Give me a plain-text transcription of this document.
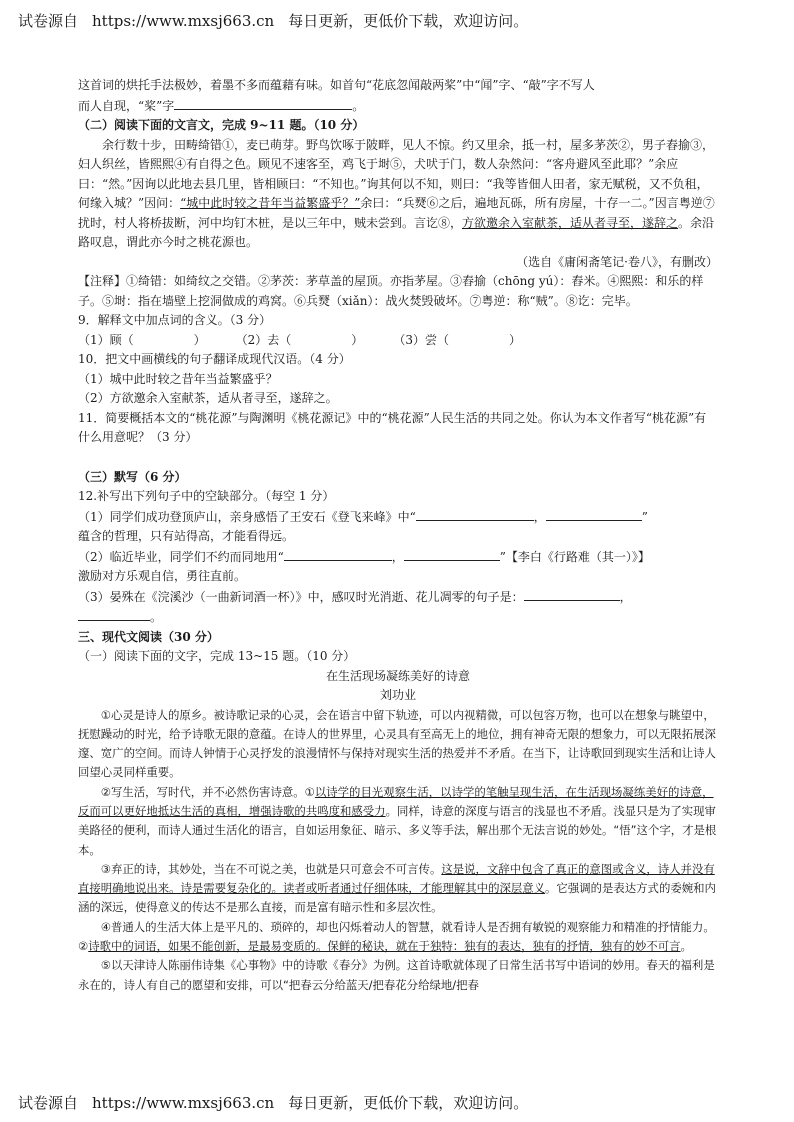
试卷源自 https://www.mxsj663.cn 每日更新，更低价下载，欢迎访问。

这首词的烘托手法极妙，着墨不多而蕴藉有味。如首句“花底忽闻敲两桨”中“闻”字、“敲”字不写人

而人自现，“桨”字	。

（二）阅读下面的文言文，完成 9~11 题。（10 分）

余行数十步，田畴绮错①，麦已萌芽。野鸟饮啄于陂畔，见人不惊。约又里余，抵一村，屋多茅茨②，男子舂揄③，妇人织丝，皆熙熙④有自得之色。顾见不速客至，鸡飞于埘⑤，犬吠于门，数人杂然问：“客舟避风至此耶？”余应曰：“然。”因询以此地去县几里，皆相顾曰：“不知也。”询其何以不知，则曰：“我等皆佃人田者，家无赋税，又不负租，何缘入城？”因问：“城中此时较之昔年当益繁盛乎？”余曰：“兵燹⑥之后，遍地瓦砾，所有房屋，十存一二。”因言粤逆⑦扰时，村人将桥拔断，河中均钉木桩，是以三年中，贼未尝到。言讫⑧，方欲邀余入室献茶，适从者寻至，遂辞之。余沿路叹息，谓此亦今时之桃花源也。

（选自《庸闲斋笔记·卷八》，有删改）

【注释】①绮错：如绮纹之交错。②茅茨：茅草盖的屋顶。亦指茅屋。③舂揄（chōng yú）：舂米。④熙熙：和乐的样子。⑤埘：指在墙壁上挖洞做成的鸡窝。⑥兵燹（xiǎn）：战火焚毁破坏。⑦粤逆：称“贼”。⑧讫：完毕。

9．解释文中加点词的含义。（3 分）

（1）顾（	）	（2）去（	）	（3）尝（	）

10．把文中画横线的句子翻译成现代汉语。（4 分）

（1）城中此时较之昔年当益繁盛乎？

（2）方欲邀余入室献茶，适从者寻至，遂辞之。

11．简要概括本文的“桃花源”与陶渊明《桃花源记》中的“桃花源”人民生活的共同之处。你认为本文作者写“桃花源”有什么用意呢？（3 分）

（三）默写（6 分）

12.补写出下列句子中的空缺部分。（每空 1 分）

（1）同学们成功登顶庐山，亲身感悟了王安石《登飞来峰》中“	，	”

蕴含的哲理，只有站得高，才能看得远。

（2）临近毕业，同学们不约而同地用“	，	”【李白《行路难（其一）》】

激励对方乐观自信，勇往直前。

（3）晏殊在《浣溪沙（一曲新词酒一杯）》中，感叹时光消逝、花儿凋零的句子是：	，

。

三、现代文阅读（30 分）

（一）阅读下面的文字，完成 13~15 题。（10 分）

在生活现场凝练美好的诗意

刘功业

①心灵是诗人的原乡。被诗歌记录的心灵，会在语言中留下轨迹，可以内视精微，可以包容万物，也可以在想象与眺望中，抚慰躁动的时光，给予诗歌无限的意蕴。在诗人的世界里，心灵具有至高无上的地位，拥有神奇无限的想象力，可以无限拓展深邃、宽广的空间。而诗人钟情于心灵抒发的浪漫情怀与保持对现实生活的热爱并不矛盾。在当下，让诗歌回到现实生活和让诗人回望心灵同样重要。

②写生活，写时代，并不必然伤害诗意。①以诗学的目光观察生活，以诗学的笔触呈现生活，在生活现场凝练美好的诗意，反而可以更好地抵达生活的真相，增强诗歌的共鸣度和感受力。同样，诗意的深度与语言的浅显也不矛盾。浅显只是为了实现审美路径的便利，而诗人通过生活化的语言，自如运用象征、暗示、多义等手法，解出那个无法言说的妙处。“悟”这个字，才是根本。

③弃正的诗，其妙处，当在不可说之美，也就是只可意会不可言传。这是说，文辞中包含了真正的意图或含义，诗人并没有直接明确地说出来。诗是需要复杂化的。读者或听者通过仔细体味，才能理解其中的深层意义。它强调的是表达方式的委婉和内涵的深远，使得意义的传达不是那么直接，而是富有暗示性和多层次性。

④普通人的生活大体上是平凡的、琐碎的，却也闪烁着动人的智慧，就看诗人是否拥有敏锐的观察能力和精准的抒情能力。②诗歌中的词语，如果不能创新，是最易变质的。保鲜的秘诀，就在于独特：独有的表达，独有的抒情，独有的妙不可言。

⑤以天津诗人陈丽伟诗集《心事物》中的诗歌《春分》为例。这首诗歌就体现了日常生活书写中语词的妙用。春天的福利是永在的，诗人有自己的愿望和安排，可以“把春云分给蓝天/把春花分给绿地/把春

试卷源自 https://www.mxsj663.cn 每日更新，更低价下载，欢迎访问。
